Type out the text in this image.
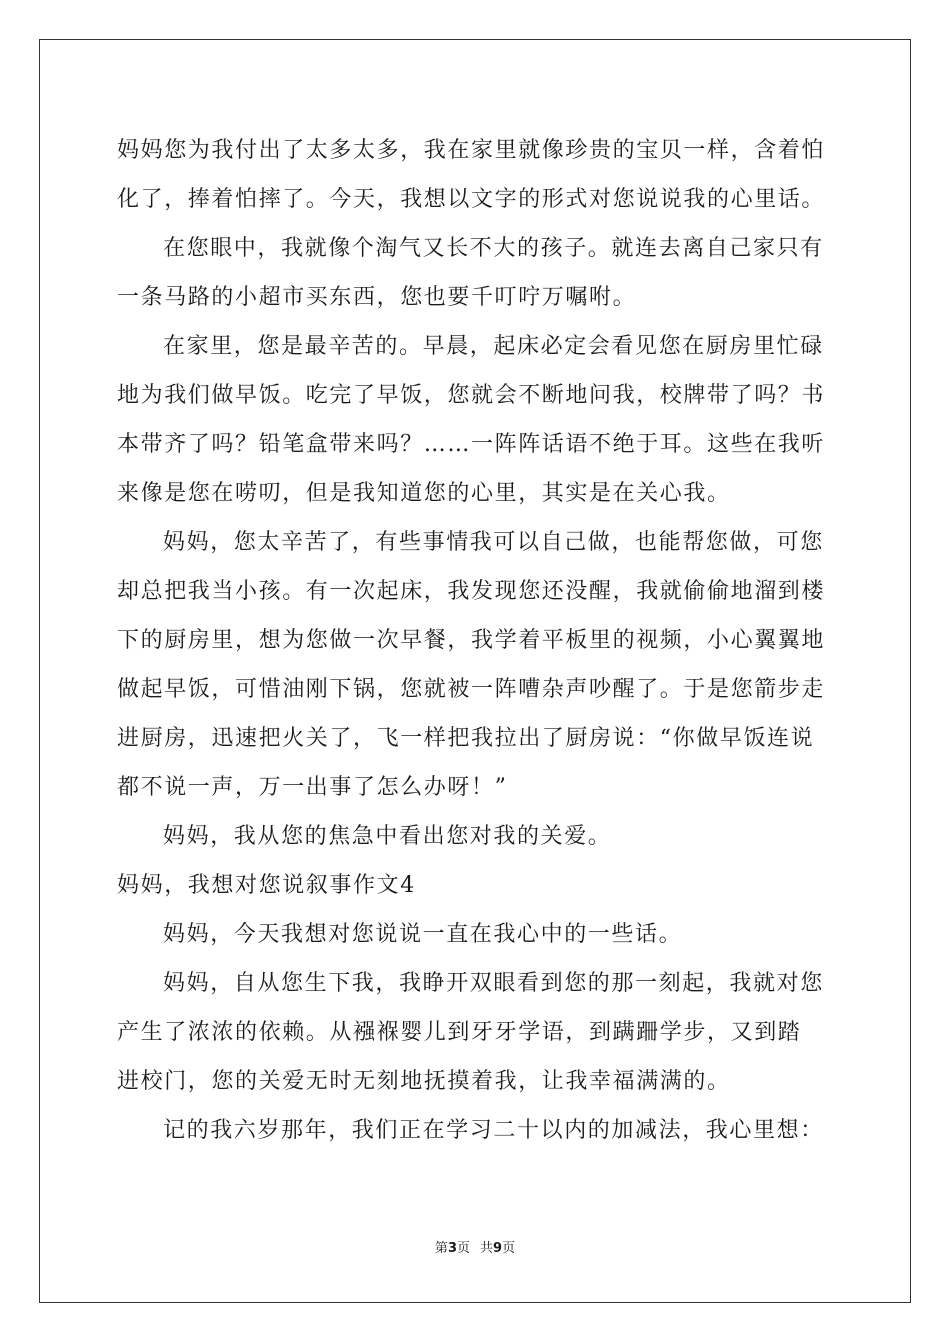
妈妈您为我付出了太多太多，我在家里就像珍贵的宝贝一样，含着怕
化了，捧着怕摔了。今天，我想以文字的形式对您说说我的心里话。
在您眼中，我就像个淘气又长不大的孩子。就连去离自己家只有
一条马路的小超市买东西，您也要千叮咛万嘱咐。
在家里，您是最辛苦的。早晨，起床必定会看见您在厨房里忙碌
地为我们做早饭。吃完了早饭，您就会不断地问我，校牌带了吗？书
本带齐了吗？铅笔盒带来吗？……一阵阵话语不绝于耳。这些在我听
来像是您在唠叨，但是我知道您的心里，其实是在关心我。
妈妈，您太辛苦了，有些事情我可以自己做，也能帮您做，可您
却总把我当小孩。有一次起床，我发现您还没醒，我就偷偷地溜到楼
下的厨房里，想为您做一次早餐，我学着平板里的视频，小心翼翼地
做起早饭，可惜油刚下锅，您就被一阵嘈杂声吵醒了。于是您箭步走
进厨房，迅速把火关了，飞一样把我拉出了厨房说：“你做早饭连说
都不说一声，万一出事了怎么办呀！”
妈妈，我从您的焦急中看出您对我的关爱。
妈妈，我想对您说叙事作文4
妈妈，今天我想对您说说一直在我心中的一些话。
妈妈，自从您生下我，我睁开双眼看到您的那一刻起，我就对您
产生了浓浓的依赖。从襁褓婴儿到牙牙学语，到蹒跚学步，又到踏
进校门，您的关爱无时无刻地抚摸着我，让我幸福满满的。
记的我六岁那年，我们正在学习二十以内的加减法，我心里想：
第3页 共9页
